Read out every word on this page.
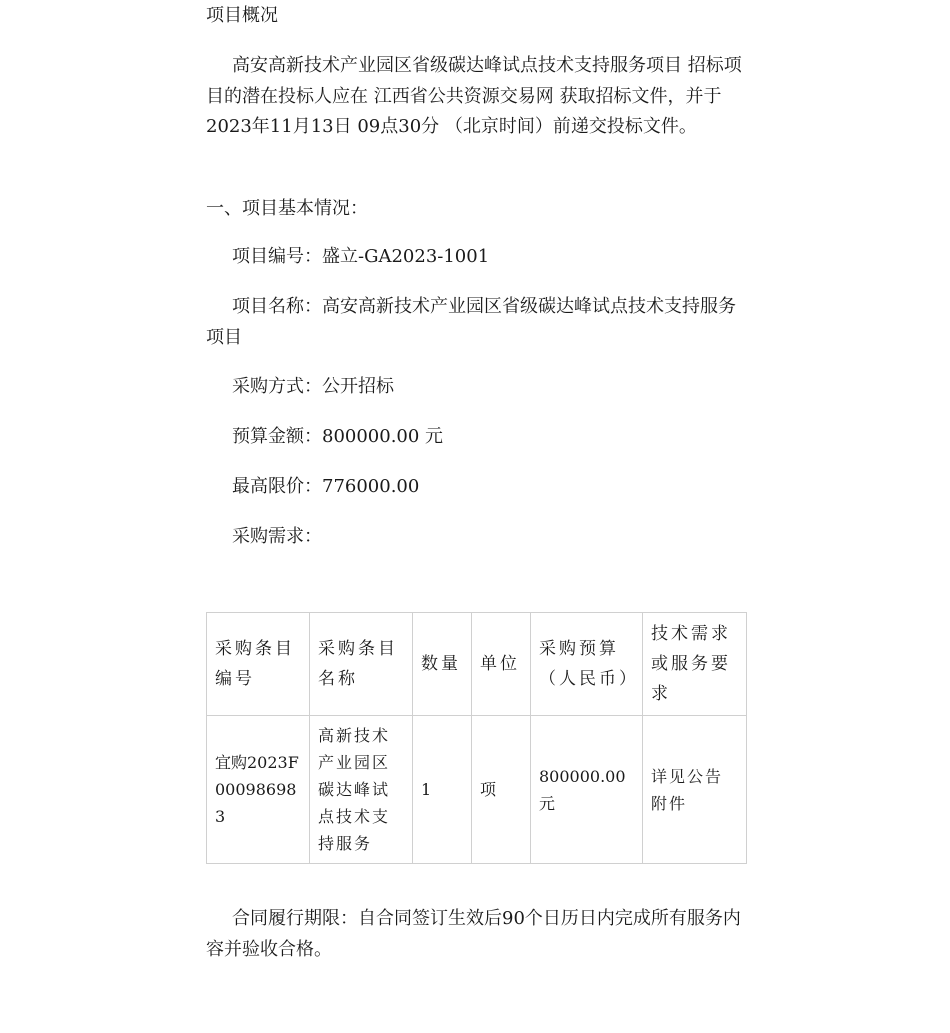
项目概况
高安高新技术产业园区省级碳达峰试点技术支持服务项目 招标项目的潜在投标人应在 江西省公共资源交易网 获取招标文件，并于 2023年11月13日 09点30分 （北京时间）前递交投标文件。
一、项目基本情况：
项目编号：盛立-GA2023-1001
项目名称：高安高新技术产业园区省级碳达峰试点技术支持服务项目
采购方式：公开招标
预算金额：800000.00 元
最高限价：776000.00
采购需求：
采购条目编号	采购条目名称	数量	单位	采购预算（人民币）	技术需求或服务要求
宜购2023F000986983	高新技术产业园区碳达峰试点技术支持服务	1	项	800000.00元	详见公告附件
合同履行期限：自合同签订生效后90个日历日内完成所有服务内容并验收合格。
